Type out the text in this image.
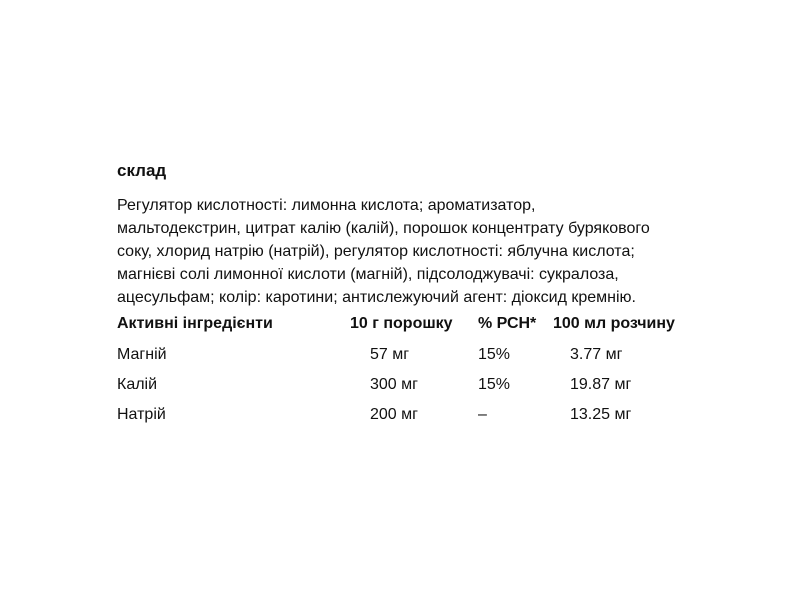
склад

Регулятор кислотності: лимонна кислота; ароматизатор,
мальтодекстрин, цитрат калію (калій), порошок концентрату бурякового
соку, хлорид натрію (натрій), регулятор кислотності: яблучна кислота;
магнієві солі лимонної кислоти (магній), підсолоджувачі: сукралоза,
ацесульфам; колір: каротини; антислежуючий агент: діоксид кремнію.

Активні інгредієнти	10 г порошку	% РСН*	100 мл розчину
Магній	57 мг	15%	3.77 мг
Калій	300 мг	15%	19.87 мг
Натрій	200 мг	–	13.25 мг
